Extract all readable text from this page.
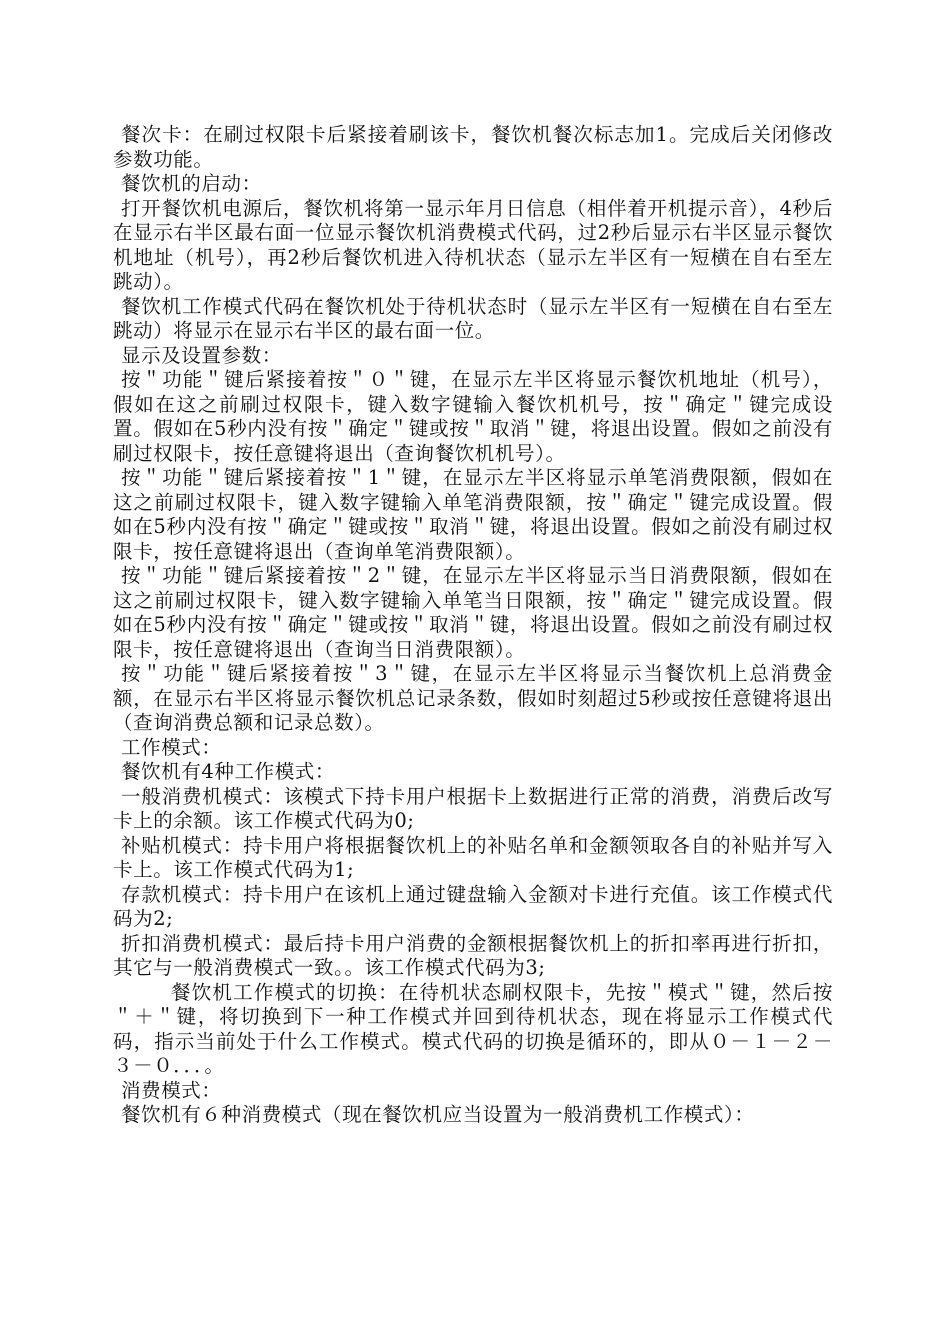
餐次卡：在刷过权限卡后紧接着刷该卡，餐饮机餐次标志加1。完成后关闭修改参数功能。

餐饮机的启动：

打开餐饮机电源后，餐饮机将第一显示年月日信息（相伴着开机提示音），4秒后在显示右半区最右面一位显示餐饮机消费模式代码，过2秒后显示右半区显示餐饮机地址（机号），再2秒后餐饮机进入待机状态（显示左半区有一短横在自右至左跳动）。

餐饮机工作模式代码在餐饮机处于待机状态时（显示左半区有一短横在自右至左跳动）将显示在显示右半区的最右面一位。

显示及设置参数：

按＂功能＂键后紧接着按＂０＂键，在显示左半区将显示餐饮机地址（机号），假如在这之前刷过权限卡，键入数字键输入餐饮机机号，按＂确定＂键完成设置。假如在5秒内没有按＂确定＂键或按＂取消＂键，将退出设置。假如之前没有刷过权限卡，按任意键将退出（查询餐饮机机号）。

按＂功能＂键后紧接着按＂1＂键，在显示左半区将显示单笔消费限额，假如在这之前刷过权限卡，键入数字键输入单笔消费限额，按＂确定＂键完成设置。假如在5秒内没有按＂确定＂键或按＂取消＂键，将退出设置。假如之前没有刷过权限卡，按任意键将退出（查询单笔消费限额）。

按＂功能＂键后紧接着按＂2＂键，在显示左半区将显示当日消费限额，假如在这之前刷过权限卡，键入数字键输入单笔当日限额，按＂确定＂键完成设置。假如在5秒内没有按＂确定＂键或按＂取消＂键，将退出设置。假如之前没有刷过权限卡，按任意键将退出（查询当日消费限额）。

按＂功能＂键后紧接着按＂3＂键，在显示左半区将显示当餐饮机上总消费金额，在显示右半区将显示餐饮机总记录条数，假如时刻超过5秒或按任意键将退出（查询消费总额和记录总数）。

工作模式：

餐饮机有4种工作模式：

一般消费机模式：该模式下持卡用户根据卡上数据进行正常的消费，消费后改写卡上的余额。该工作模式代码为0;

补贴机模式：持卡用户将根据餐饮机上的补贴名单和金额领取各自的补贴并写入卡上。该工作模式代码为1;

存款机模式：持卡用户在该机上通过键盘输入金额对卡进行充值。该工作模式代码为2;

折扣消费机模式：最后持卡用户消费的金额根据餐饮机上的折扣率再进行折扣，其它与一般消费模式一致。。该工作模式代码为3;

餐饮机工作模式的切换：在待机状态刷权限卡，先按＂模式＂键，然后按＂＋＂键，将切换到下一种工作模式并回到待机状态，现在将显示工作模式代码，指示当前处于什么工作模式。模式代码的切换是循环的，即从０－１－２－３－０．．．。

消费模式：

餐饮机有６种消费模式（现在餐饮机应当设置为一般消费机工作模式）：
